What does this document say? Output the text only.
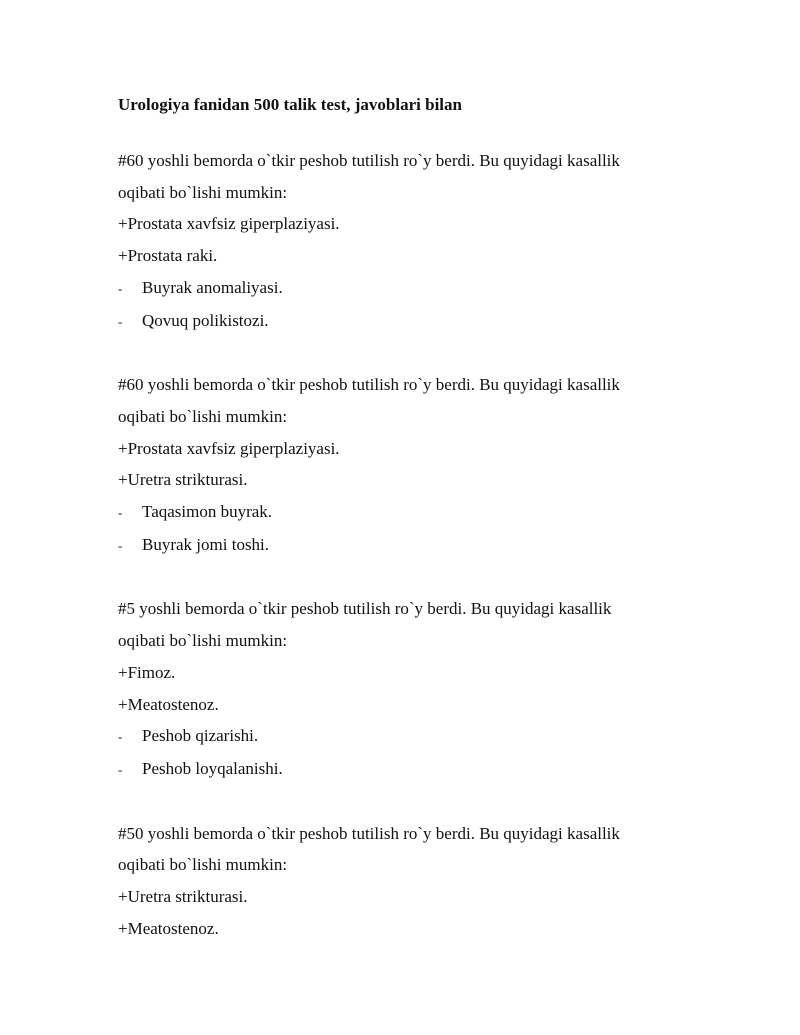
Urologiya fanidan 500 talik test, javoblari bilan
#60 yoshli bemorda o`tkir peshob tutilish ro`y berdi. Bu quyidagi kasallik
oqibati bo`lishi mumkin:
+Prostata xavfsiz giperplaziyasi.
+Prostata raki.
-	Buyrak anomaliyasi.
-	Qovuq polikistozi.
#60 yoshli bemorda o`tkir peshob tutilish ro`y berdi. Bu quyidagi kasallik
oqibati bo`lishi mumkin:
+Prostata xavfsiz giperplaziyasi.
+Uretra strikturasi.
-	Taqasimon buyrak.
-	Buyrak jomi toshi.
#5 yoshli bemorda o`tkir peshob tutilish ro`y berdi. Bu quyidagi kasallik
oqibati bo`lishi mumkin:
+Fimoz.
+Meatostenoz.
-	Peshob qizarishi.
-	Peshob loyqalanishi.
#50 yoshli bemorda o`tkir peshob tutilish ro`y berdi. Bu quyidagi kasallik
oqibati bo`lishi mumkin:
+Uretra strikturasi.
+Meatostenoz.
